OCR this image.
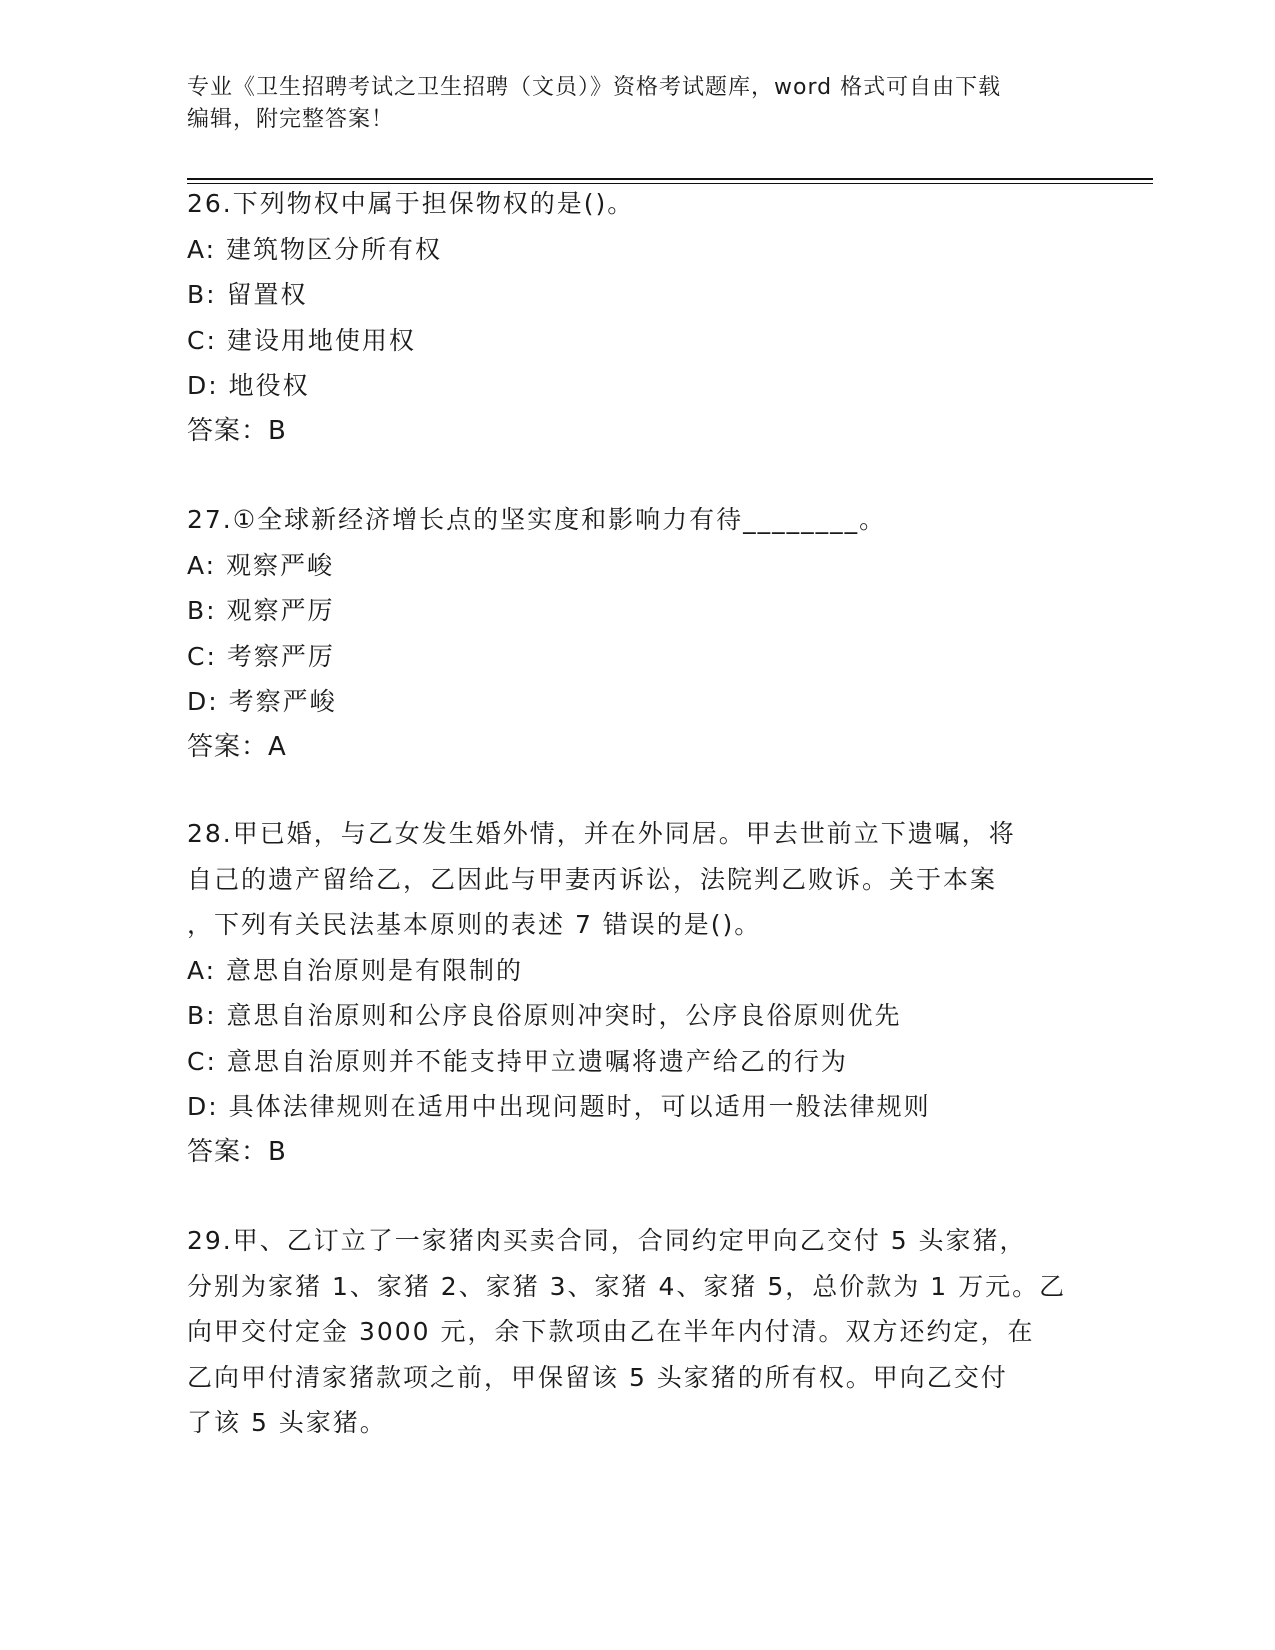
专业《卫生招聘考试之卫生招聘（文员）》资格考试题库，word 格式可自由下载
编辑，附完整答案！
26.下列物权中属于担保物权的是()。
A: 建筑物区分所有权
B: 留置权
C: 建设用地使用权
D: 地役权
答案：B
27.①全球新经济增长点的坚实度和影响力有待________。
A: 观察严峻
B: 观察严厉
C: 考察严厉
D: 考察严峻
答案：A
28.甲已婚，与乙女发生婚外情，并在外同居。甲去世前立下遗嘱，将
自己的遗产留给乙，乙因此与甲妻丙诉讼，法院判乙败诉。关于本案
，下列有关民法基本原则的表述 7 错误的是()。
A: 意思自治原则是有限制的
B: 意思自治原则和公序良俗原则冲突时，公序良俗原则优先
C: 意思自治原则并不能支持甲立遗嘱将遗产给乙的行为
D: 具体法律规则在适用中出现问题时，可以适用一般法律规则
答案：B
29.甲、乙订立了一家猪肉买卖合同，合同约定甲向乙交付 5 头家猪，
分别为家猪 1、家猪 2、家猪 3、家猪 4、家猪 5，总价款为 1 万元。乙
向甲交付定金 3000 元，余下款项由乙在半年内付清。双方还约定，在
乙向甲付清家猪款项之前，甲保留该 5 头家猪的所有权。甲向乙交付
了该 5 头家猪。
